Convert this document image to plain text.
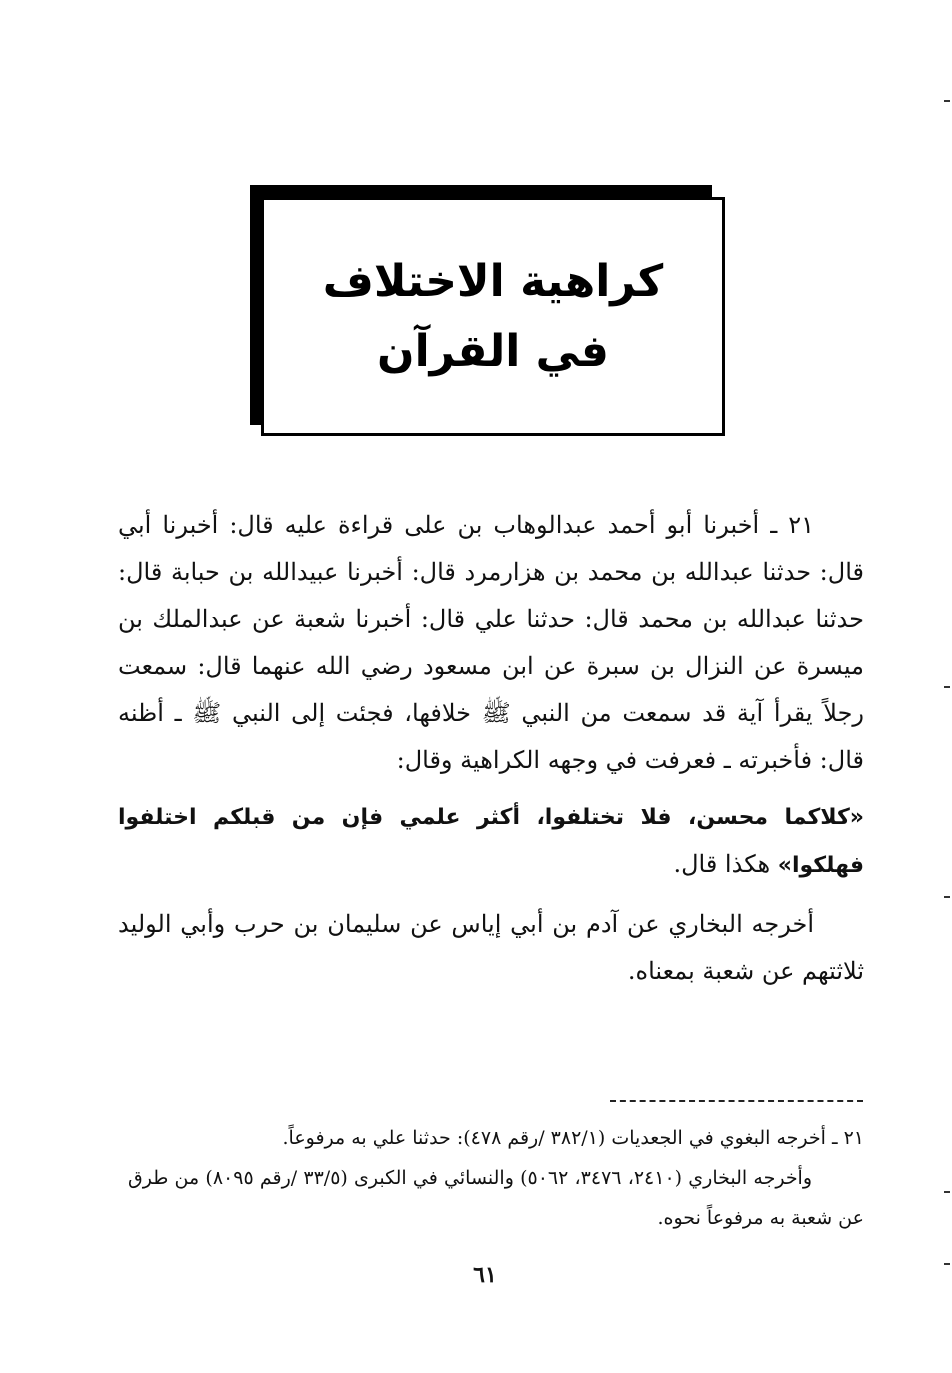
كراهية الاختلاف
في القرآن

٢١ ـ أخبرنا أبو أحمد عبدالوهاب بن على قراءة عليه قال: أخبرنا أبي قال: حدثنا عبدالله بن محمد بن هزارمرد قال: أخبرنا عبيدالله بن حبابة قال: حدثنا عبدالله بن محمد قال: حدثنا علي قال: أخبرنا شعبة عن عبدالملك بن ميسرة عن النزال بن سبرة عن ابن مسعود رضي الله عنهما قال: سمعت رجلاً يقرأ آية قد سمعت من النبي ﷺ خلافها، فجئت إلى النبي ﷺ ـ أظنه قال: فأخبرته ـ فعرفت في وجهه الكراهية وقال:

«كلاكما محسن، فلا تختلفوا، أكثر علمي فإن من قبلكم اختلفوا فهلكوا» هكذا قال.

أخرجه البخاري عن آدم بن أبي إياس عن سليمان بن حرب وأبي الوليد ثلاثتهم عن شعبة بمعناه.

٢١ ـ أخرجه البغوي في الجعديات (٣٨٢/١ /رقم ٤٧٨): حدثنا علي به مرفوعاً.

وأخرجه البخاري (٢٤١٠، ٣٤٧٦، ٥٠٦٢) والنسائي في الكبرى (٣٣/٥ /رقم ٨٠٩٥) من طرق عن شعبة به مرفوعاً نحوه.

٦١
